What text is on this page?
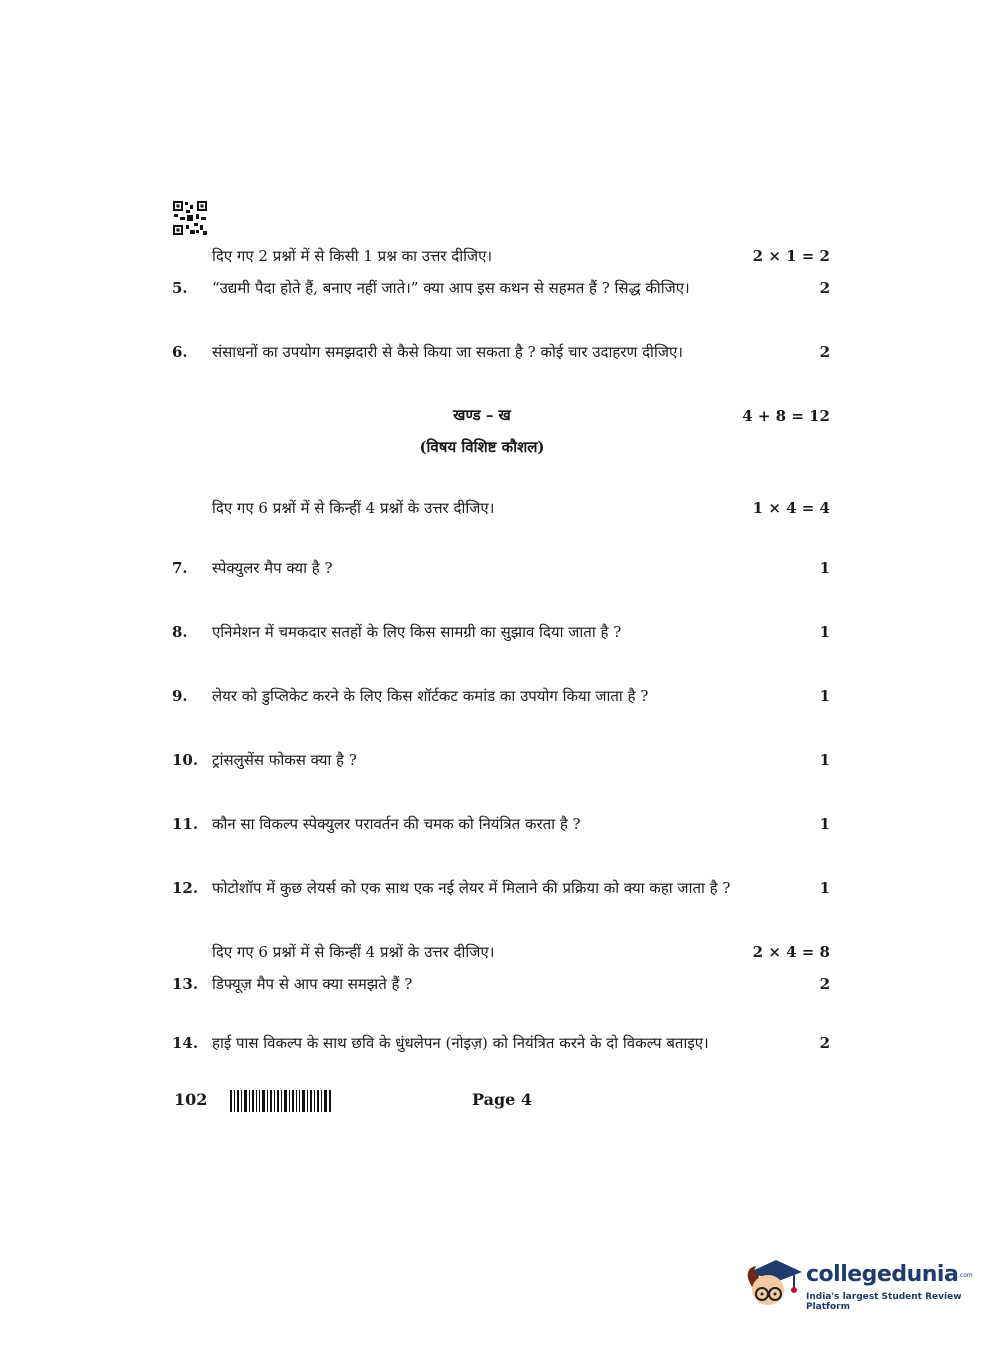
दिए गए 2 प्रश्नों में से किसी 1 प्रश्न का उत्तर दीजिए।	2 × 1 = 2
5. “उद्यमी पैदा होते हैं, बनाए नहीं जाते।” क्या आप इस कथन से सहमत हैं ? सिद्ध कीजिए।	2
6. संसाधनों का उपयोग समझदारी से कैसे किया जा सकता है ? कोई चार उदाहरण दीजिए।	2
खण्ड – ख	4 + 8 = 12
(विषय विशिष्ट कौशल)
दिए गए 6 प्रश्नों में से किन्हीं 4 प्रश्नों के उत्तर दीजिए।	1 × 4 = 4
7. स्पेक्युलर मैप क्या है ?	1
8. एनिमेशन में चमकदार सतहों के लिए किस सामग्री का सुझाव दिया जाता है ?	1
9. लेयर को डुप्लिकेट करने के लिए किस शॉर्टकट कमांड का उपयोग किया जाता है ?	1
10. ट्रांसलुसेंस फोकस क्या है ?	1
11. कौन सा विकल्प स्पेक्युलर परावर्तन की चमक को नियंत्रित करता है ?	1
12. फोटोशॉप में कुछ लेयर्स को एक साथ एक नई लेयर में मिलाने की प्रक्रिया को क्या कहा जाता है ?	1
दिए गए 6 प्रश्नों में से किन्हीं 4 प्रश्नों के उत्तर दीजिए।	2 × 4 = 8
13. डिफ्यूज़ मैप से आप क्या समझते हैं ?	2
14. हाई पास विकल्प के साथ छवि के धुंधलेपन (नोइज़) को नियंत्रित करने के दो विकल्प बताइए।	2
102	Page 4
collegedunia .com
India's largest Student Review Platform
